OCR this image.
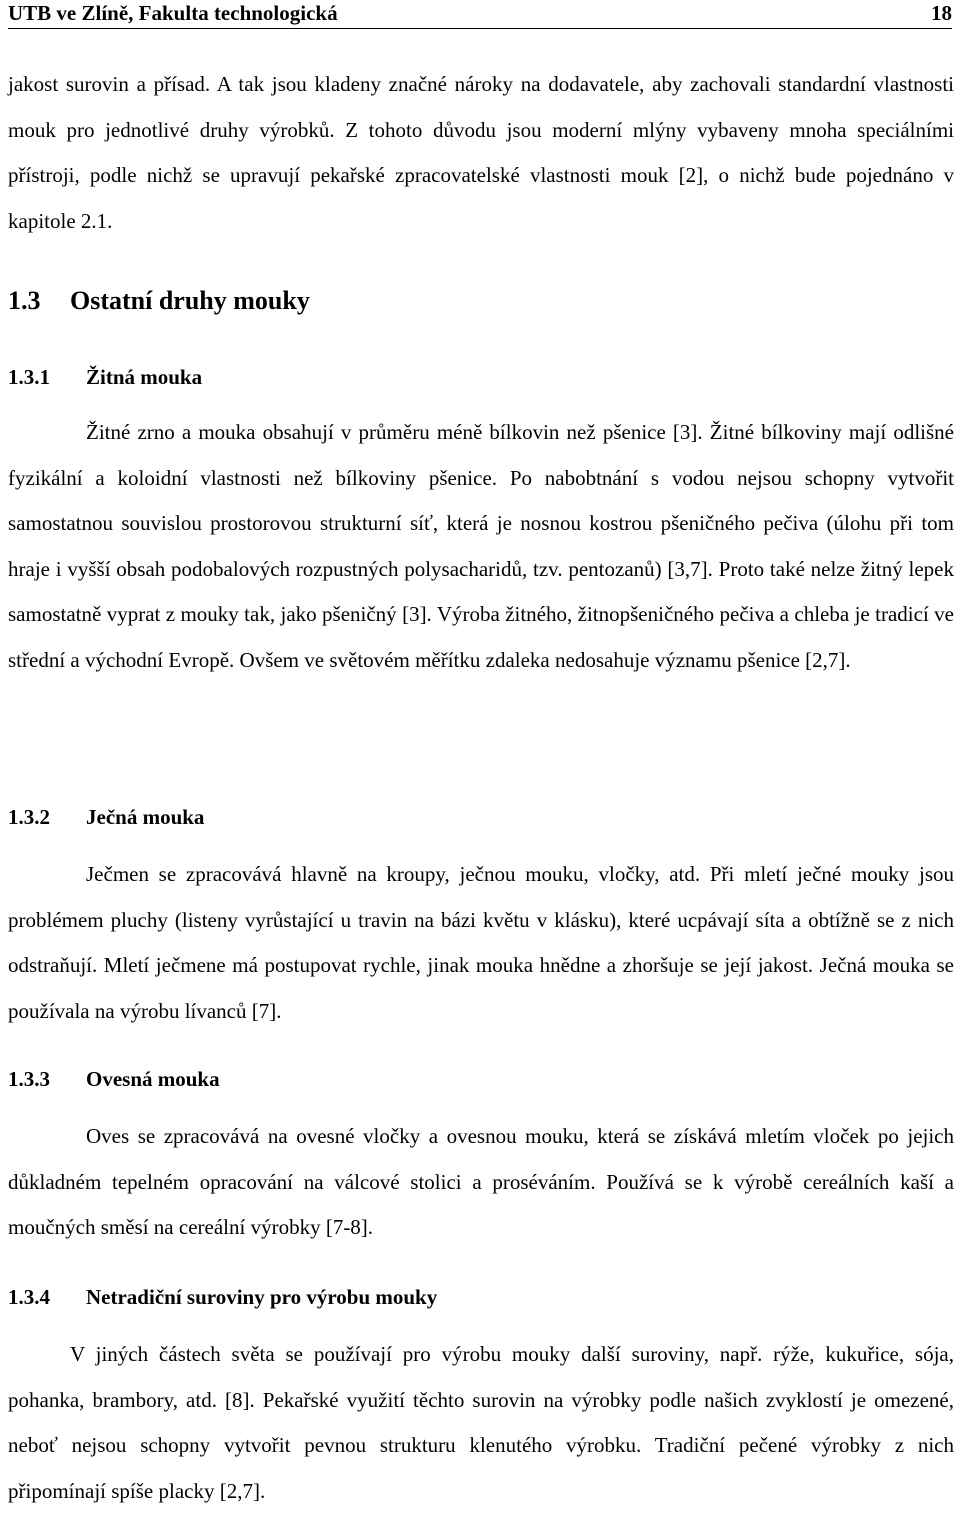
UTB ve Zlíně, Fakulta technologická	18

jakost surovin a přísad. A tak jsou kladeny značné nároky na dodavatele, aby zachovali standardní vlastnosti mouk pro jednotlivé druhy výrobků. Z tohoto důvodu jsou moderní mlýny vybaveny mnoha speciálními přístroji, podle nichž se upravují pekařské zpracovatelské vlastnosti mouk [2], o nichž bude pojednáno v kapitole 2.1.

1.3 Ostatní druhy mouky
1.3.1 Žitná mouka

Žitné zrno a mouka obsahují v průměru méně bílkovin než pšenice [3]. Žitné bílkoviny mají odlišné fyzikální a koloidní vlastnosti než bílkoviny pšenice. Po nabobtnání s vodou nejsou schopny vytvořit samostatnou souvislou prostorovou strukturní síť, která je nosnou kostrou pšeničného pečiva (úlohu při tom hraje i vyšší obsah podobalových rozpustných polysacharidů, tzv. pentozanů) [3,7]. Proto také nelze žitný lepek samostatně vyprat z mouky tak, jako pšeničný [3]. Výroba žitného, žitnopšeničného pečiva a chleba je tradicí ve střední a východní Evropě. Ovšem ve světovém měřítku zdaleka nedosahuje významu pšenice [2,7].

1.3.2 Ječná mouka

Ječmen se zpracovává hlavně na kroupy, ječnou mouku, vločky, atd. Při mletí ječné mouky jsou problémem pluchy (listeny vyrůstající u travin na bázi květu v klásku), které ucpávají síta a obtížně se z nich odstraňují. Mletí ječmene má postupovat rychle, jinak mouka hnědne a zhoršuje se její jakost. Ječná mouka se používala na výrobu lívanců [7].

1.3.3 Ovesná mouka

Oves se zpracovává na ovesné vločky a ovesnou mouku, která se získává mletím vloček po jejich důkladném tepelném opracování na válcové stolici a proséváním. Používá se k výrobě cereálních kaší a moučných směsí na cereální výrobky [7-8].

1.3.4 Netradiční suroviny pro výrobu mouky

V jiných částech světa se používají pro výrobu mouky další suroviny, např. rýže, kukuřice, sója, pohanka, brambory, atd. [8]. Pekařské využití těchto surovin na výrobky podle našich zvyklostí je omezené, neboť nejsou schopny vytvořit pevnou strukturu klenutého výrobku. Tradiční pečené výrobky z nich připomínají spíše placky [2,7].
